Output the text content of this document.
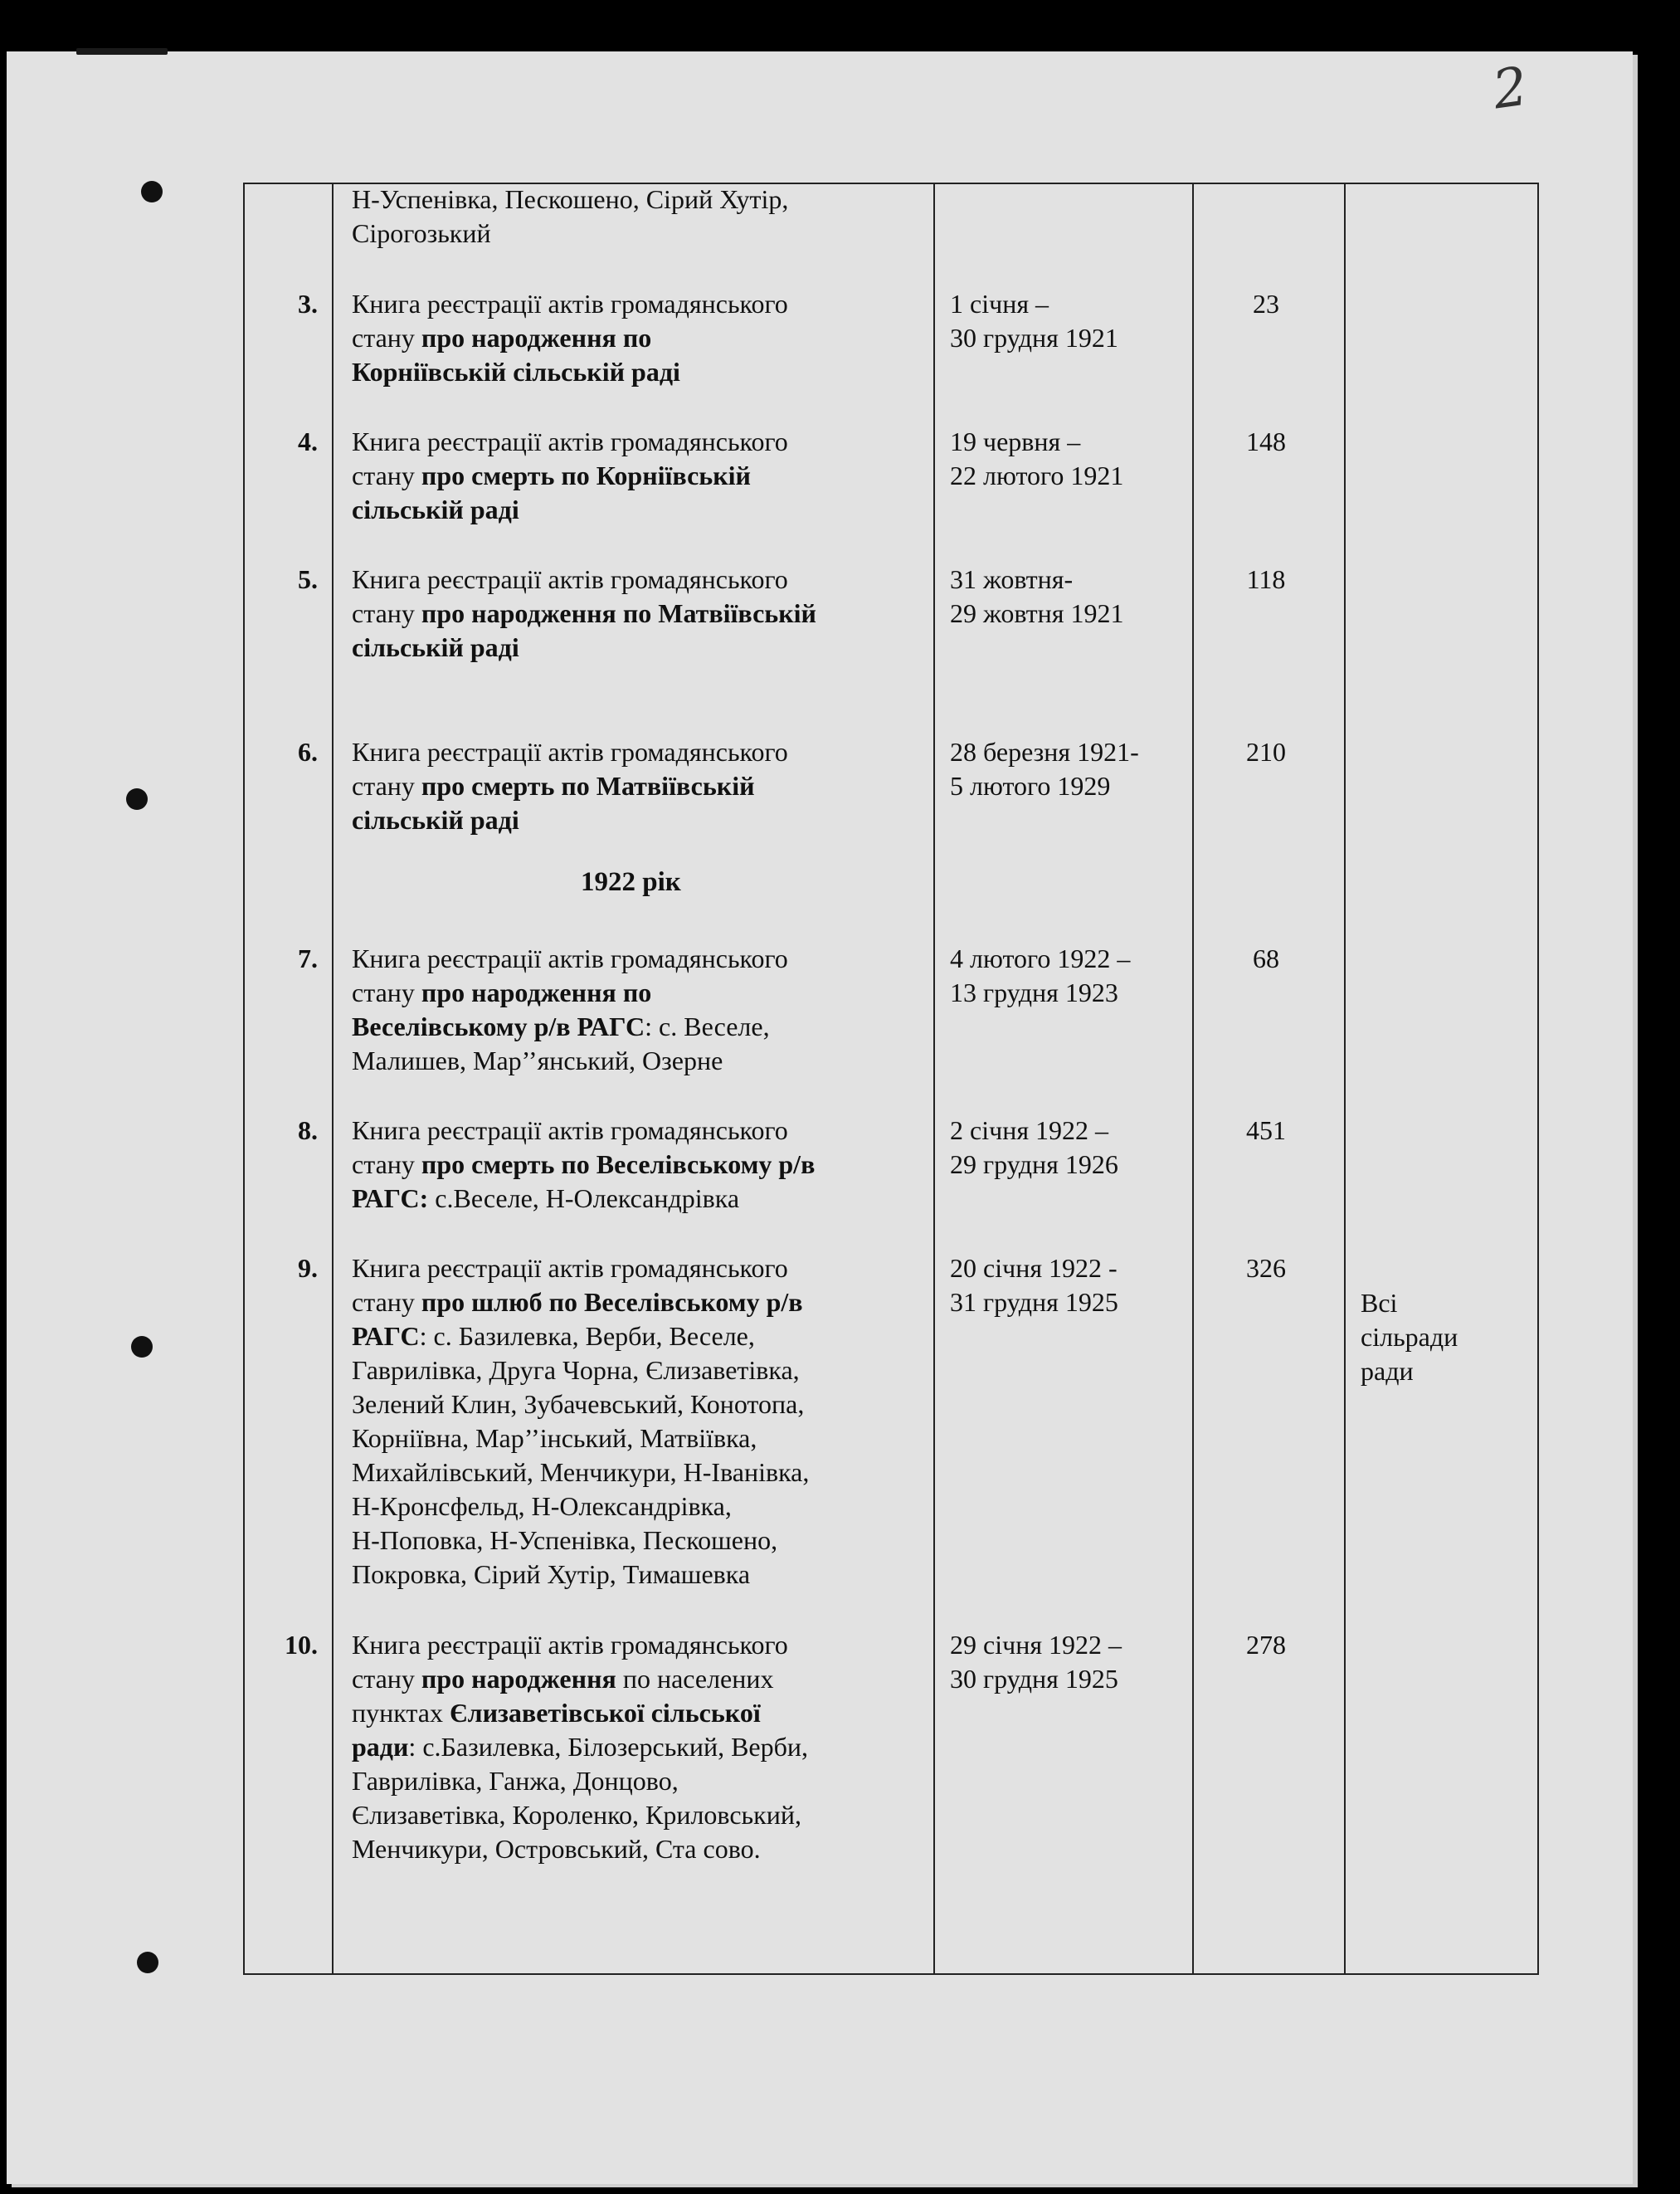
2
Н-Успенівка, Пескошено, Сірий Хутір,
Сірогозький
3. Книга реєстрації актів громадянського
стану про народження по
Корніївській сільській раді
1 січня –
30 грудня 1921
23
4. Книга реєстрації актів громадянського
стану про смерть по Корніївській
сільській раді
19 червня –
22 лютого 1921
148
5. Книга реєстрації актів громадянського
стану про народження по Матвіївській
сільській раді
31 жовтня-
29 жовтня 1921
118
6. Книга реєстрації актів громадянського
стану про смерть по Матвіївській
сільській раді
28 березня 1921-
5 лютого 1929
210
7. Книга реєстрації актів громадянського
стану про народження по
Веселівському р/в РАГС: с. Веселе,
Малишев, Мар’’янський, Озерне
4 лютого 1922 –
13 грудня 1923
68
8. Книга реєстрації актів громадянського
стану про смерть по Веселівському р/в
РАГС: с.Веселе, Н-Олександрівка
2 січня 1922 –
29 грудня 1926
451
9. Книга реєстрації актів громадянського
стану про шлюб по Веселівському р/в
РАГС: с. Базилевка, Верби, Веселе,
Гаврилівка, Друга Чорна, Єлизаветівка,
Зелений Клин, Зубачевський, Конотопа,
Корніївна, Мар’’інський, Матвіївка,
Михайлівський, Менчикури, Н-Іванівка,
Н-Кронсфельд, Н-Олександрівка,
Н-Поповка, Н-Успенівка, Пескошено,
Покровка, Сірий Хутір, Тимашевка
20 січня 1922 -
31 грудня 1925
326
Всі
сільради
ради
10. Книга реєстрації актів громадянського
стану про народження по населених
пунктах Єлизаветівської сільської
ради: с.Базилевка, Білозерський, Верби,
Гаврилівка, Ганжа, Донцово,
Єлизаветівка, Короленко, Криловський,
Менчикури, Островський, Ста сово.
29 січня 1922 –
30 грудня 1925
278
1922 рік
